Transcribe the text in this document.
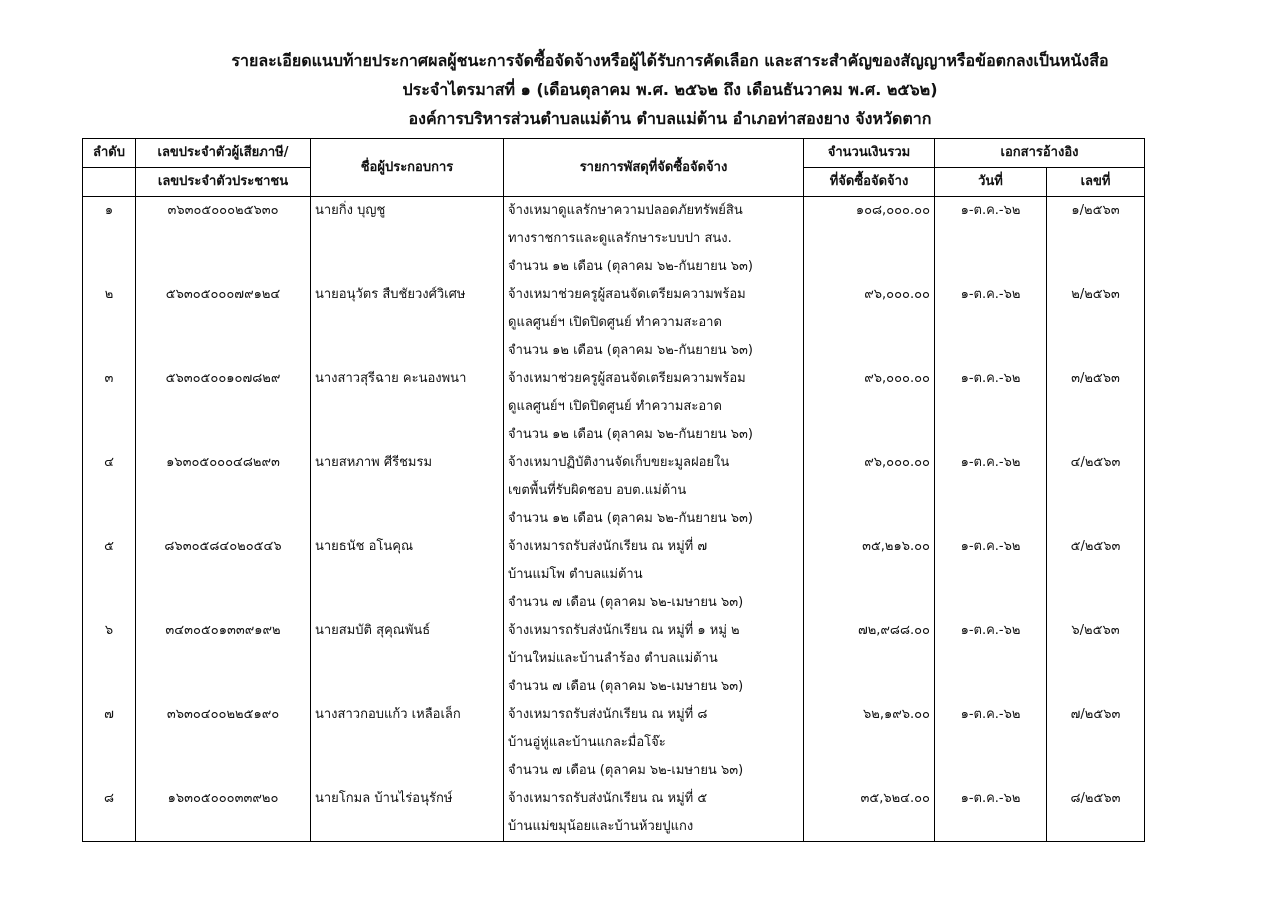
รายละเอียดแนบท้ายประกาศผลผู้ชนะการจัดซื้อจัดจ้างหรือผู้ได้รับการคัดเลือก และสาระสำคัญของสัญญาหรือข้อตกลงเป็นหนังสือ
ประจำไตรมาสที่ ๑ (เดือนตุลาคม พ.ศ. ๒๕๖๒ ถึง เดือนธันวาคม พ.ศ. ๒๕๖๒)
องค์การบริหารส่วนตำบลแม่ต้าน ตำบลแม่ต้าน อำเภอท่าสองยาง จังหวัดตาก
ลำดับ	เลขประจำตัวผู้เสียภาษี/	ชื่อผู้ประกอบการ	รายการพัสดุที่จัดซื้อจัดจ้าง	จำนวนเงินรวม	เอกสารอ้างอิง	
	เลขประจำตัวประชาชน			ที่จัดซื้อจัดจ้าง	วันที่	เลขที่
๑	๓๖๓๐๕๐๐๐๒๕๖๓๐	นายกิ่ง บุญชู	จ้างเหมาดูแลรักษาความปลอดภัยทรัพย์สิน	๑๐๘,๐๐๐.๐๐	๑-ต.ค.-๖๒	๑/๒๕๖๓
			ทางราชการและดูแลรักษาระบบปา สนง.			
			จำนวน ๑๒ เดือน (ตุลาคม ๖๒-กันยายน ๖๓)			
๒	๕๖๓๐๕๐๐๐๗๙๑๒๔	นายอนุวัตร สืบชัยวงศ์วิเศษ	จ้างเหมาช่วยครูผู้สอนจัดเตรียมความพร้อม	๙๖,๐๐๐.๐๐	๑-ต.ค.-๖๒	๒/๒๕๖๓
			ดูแลศูนย์ฯ เปิดปิดศูนย์ ทำความสะอาด			
			จำนวน ๑๒ เดือน (ตุลาคม ๖๒-กันยายน ๖๓)			
๓	๕๖๓๐๕๐๐๑๐๗๘๒๙	นางสาวสุรีฉาย คะนองพนา	จ้างเหมาช่วยครูผู้สอนจัดเตรียมความพร้อม	๙๖,๐๐๐.๐๐	๑-ต.ค.-๖๒	๓/๒๕๖๓
			ดูแลศูนย์ฯ เปิดปิดศูนย์ ทำความสะอาด			
			จำนวน ๑๒ เดือน (ตุลาคม ๖๒-กันยายน ๖๓)			
๔	๑๖๓๐๕๐๐๐๔๘๒๙๓	นายสหภาพ ศีรีชมรม	จ้างเหมาปฏิบัติงานจัดเก็บขยะมูลฝอยใน	๙๖,๐๐๐.๐๐	๑-ต.ค.-๖๒	๔/๒๕๖๓
			เขตพื้นที่รับผิดชอบ อบต.แม่ต้าน			
			จำนวน ๑๒ เดือน (ตุลาคม ๖๒-กันยายน ๖๓)			
๕	๘๖๓๐๕๘๔๐๒๐๕๔๖	นายธนัช อโนคุณ	จ้างเหมารถรับส่งนักเรียน ณ หมู่ที่ ๗	๓๕,๒๑๖.๐๐	๑-ต.ค.-๖๒	๕/๒๕๖๓
			บ้านแม่โพ ตำบลแม่ต้าน			
			จำนวน ๗ เดือน (ตุลาคม ๖๒-เมษายน ๖๓)			
๖	๓๔๓๐๕๐๑๓๓๙๑๙๒	นายสมบัติ สุคุณพันธ์	จ้างเหมารถรับส่งนักเรียน ณ หมู่ที่ ๑ หมู่ ๒	๗๒,๙๘๘.๐๐	๑-ต.ค.-๖๒	๖/๒๕๖๓
			บ้านใหม่และบ้านลำร้อง ตำบลแม่ต้าน			
			จำนวน ๗ เดือน (ตุลาคม ๖๒-เมษายน ๖๓)			
๗	๓๖๓๐๔๐๐๒๒๕๑๙๐	นางสาวกอบแก้ว เหลือเล็ก	จ้างเหมารถรับส่งนักเรียน ณ หมู่ที่ ๘	๖๒,๑๙๖.๐๐	๑-ต.ค.-๖๒	๗/๒๕๖๓
			บ้านอู่หู่และบ้านแกละมื่อโจ๊ะ			
			จำนวน ๗ เดือน (ตุลาคม ๖๒-เมษายน ๖๓)			
๘	๑๖๓๐๕๐๐๐๓๓๙๒๐	นายโกมล บ้านไร่อนุรักษ์	จ้างเหมารถรับส่งนักเรียน ณ หมู่ที่ ๕	๓๕,๖๒๔.๐๐	๑-ต.ค.-๖๒	๘/๒๕๖๓
			บ้านแม่ขมุน้อยและบ้านห้วยปูแกง			
